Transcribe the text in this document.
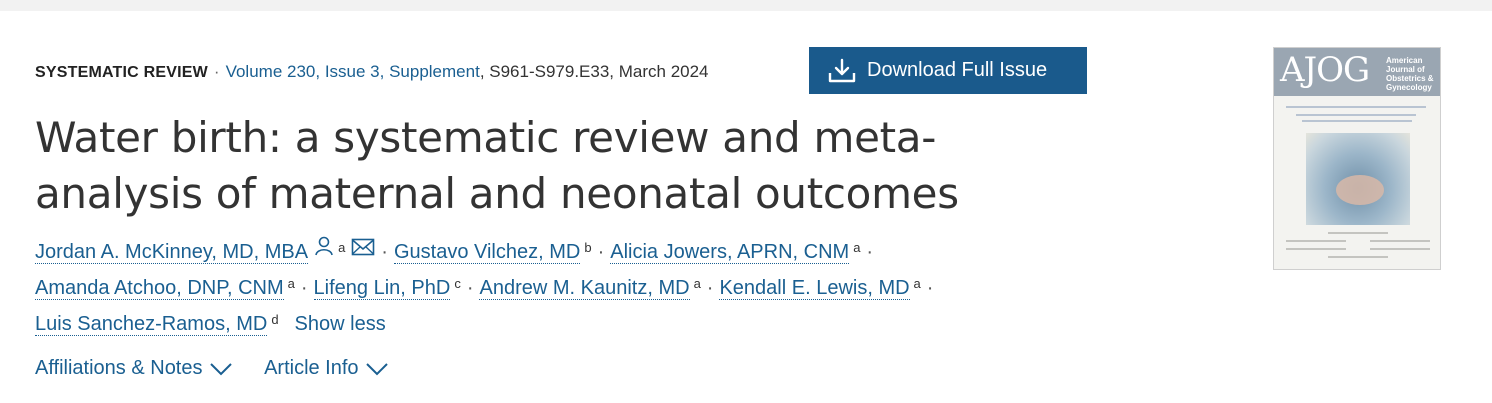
SYSTEMATIC REVIEW · Volume 230, Issue 3, Supplement, S961-S979.E33, March 2024	Download Full Issue
Water birth: a systematic review and meta-analysis of maternal and neonatal outcomes
Jordan A. McKinney, MD, MBA $^a$ · Gustavo Vilchez, MD $^b$ · Alicia Jowers, APRN, CNM $^a$ ·
Amanda Atchoo, DNP, CNM $^a$ · Lifeng Lin, PhD $^c$ · Andrew M. Kaunitz, MD $^a$ · Kendall E. Lewis, MD $^a$ ·
Luis Sanchez-Ramos, MD $^d$ Show less
Affiliations & Notes
	Article Info
AJOG American Journal of Obstetrics & Gynecology
